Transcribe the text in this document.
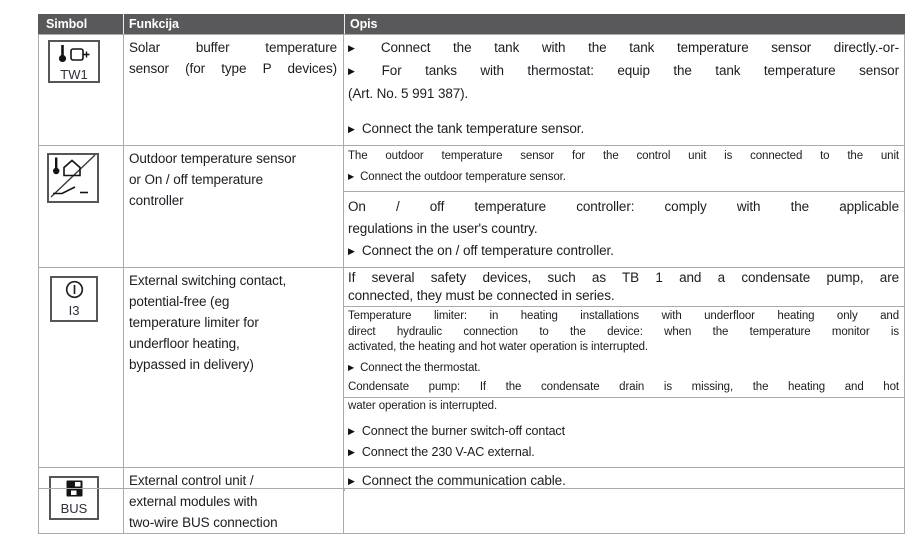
Simbol	Funkcija	Opis
TW1
Solar buffer temperature
sensor (for type P devices)
▶ Connect the tank with the tank temperature sensor directly.-or-
▶ For tanks with thermostat: equip the tank temperature sensor
(Art. No. 5 991 387).
▶ Connect the tank temperature sensor.
Outdoor temperature sensor
or On / off temperature
controller
The outdoor temperature sensor for the control unit is connected to the unit
▶ Connect the outdoor temperature sensor.
On / off temperature controller: comply with the applicable
regulations in the user's country.
▶ Connect the on / off temperature controller.
I3
External switching contact,
potential-free (eg
temperature limiter for
underfloor heating,
bypassed in delivery)
If several safety devices, such as TB 1 and a condensate pump, are
connected, they must be connected in series.
Temperature limiter: in heating installations with underfloor heating only and
direct hydraulic connection to the device: when the temperature monitor is
activated, the heating and hot water operation is interrupted.
▶ Connect the thermostat.
Condensate pump: If the condensate drain is missing, the heating and hot
water operation is interrupted.
▶ Connect the burner switch-off contact
▶ Connect the 230 V-AC external.
BUS
External control unit /
external modules with
two-wire BUS connection
▶ Connect the communication cable.
